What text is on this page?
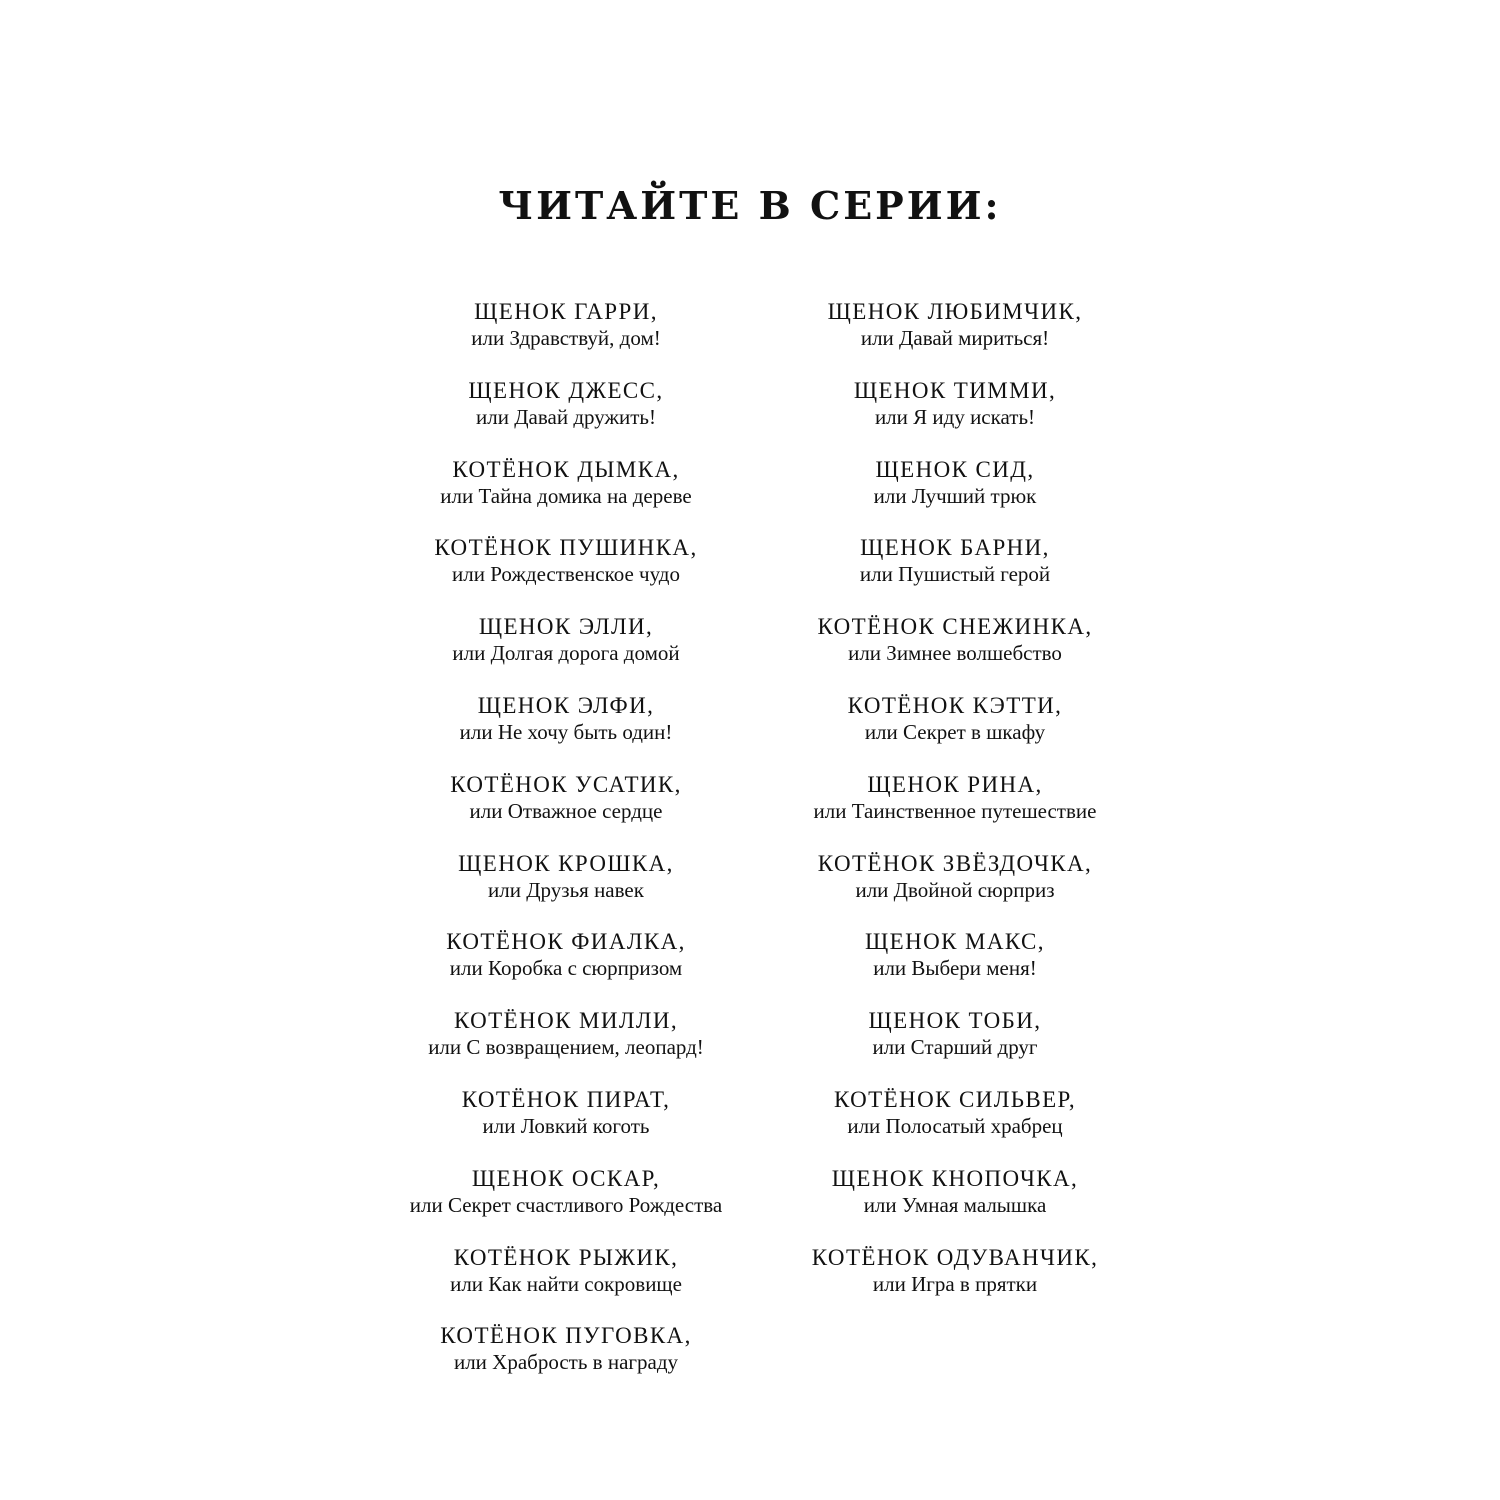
ЧИТАЙТЕ В СЕРИИ:
ЩЕНОК ГАРРИ,
или Здравствуй, дом!
ЩЕНОК ДЖЕСС,
или Давай дружить!
КОТЁНОК ДЫМКА,
или Тайна домика на дереве
КОТЁНОК ПУШИНКА,
или Рождественское чудо
ЩЕНОК ЭЛЛИ,
или Долгая дорога домой
ЩЕНОК ЭЛФИ,
или Не хочу быть один!
КОТЁНОК УСАТИК,
или Отважное сердце
ЩЕНОК КРОШКА,
или Друзья навек
КОТЁНОК ФИАЛКА,
или Коробка с сюрпризом
КОТЁНОК МИЛЛИ,
или С возвращением, леопард!
КОТЁНОК ПИРАТ,
или Ловкий коготь
ЩЕНОК ОСКАР,
или Секрет счастливого Рождества
КОТЁНОК РЫЖИК,
или Как найти сокровище
КОТЁНОК ПУГОВКА,
или Храбрость в награду
ЩЕНОК ЛЮБИМЧИК,
или Давай мириться!
ЩЕНОК ТИММИ,
или Я иду искать!
ЩЕНОК СИД,
или Лучший трюк
ЩЕНОК БАРНИ,
или Пушистый герой
КОТЁНОК СНЕЖИНКА,
или Зимнее волшебство
КОТЁНОК КЭТТИ,
или Секрет в шкафу
ЩЕНОК РИНА,
или Таинственное путешествие
КОТЁНОК ЗВЁЗДОЧКА,
или Двойной сюрприз
ЩЕНОК МАКС,
или Выбери меня!
ЩЕНОК ТОБИ,
или Старший друг
КОТЁНОК СИЛЬВЕР,
или Полосатый храбрец
ЩЕНОК КНОПОЧКА,
или Умная малышка
КОТЁНОК ОДУВАНЧИК,
или Игра в прятки
